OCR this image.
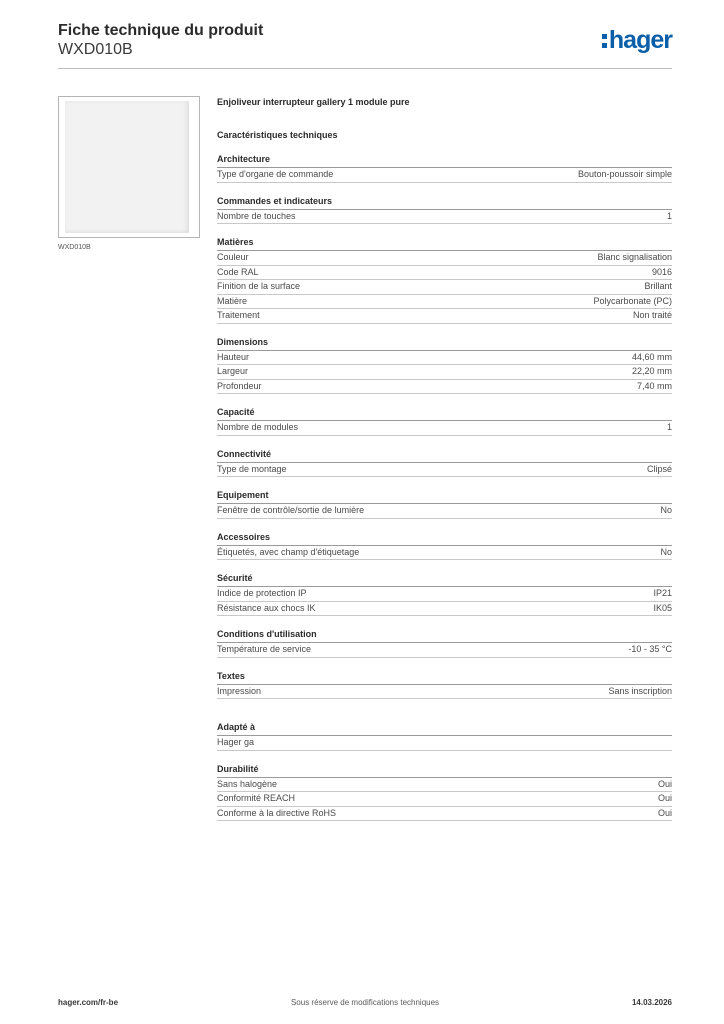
Fiche technique du produit
WXD010B	hager
WXD010B
Enjoliveur interrupteur gallery 1 module pure
Caractéristiques techniques
Architecture
Type d'organe de commande	Bouton-poussoir simple
Commandes et indicateurs
Nombre de touches	1
Matières
Couleur	Blanc signalisation
Code RAL	9016
Finition de la surface	Brillant
Matière	Polycarbonate (PC)
Traitement	Non traité
Dimensions
Hauteur	44,60 mm
Largeur	22,20 mm
Profondeur	7,40 mm
Capacité
Nombre de modules	1
Connectivité
Type de montage	Clipsé
Equipement
Fenêtre de contrôle/sortie de lumière	No
Accessoires
Étiquetés, avec champ d'étiquetage	No
Sécurité
Indice de protection IP	IP21
Résistance aux chocs IK	IK05
Conditions d'utilisation
Température de service	-10 - 35 °C
Textes
Impression	Sans inscription
Adapté à
Hager ga
Durabilité
Sans halogène	Oui
Conformité REACH	Oui
Conforme à la directive RoHS	Oui
hager.com/fr-be	Sous réserve de modifications techniques	14.03.2026
